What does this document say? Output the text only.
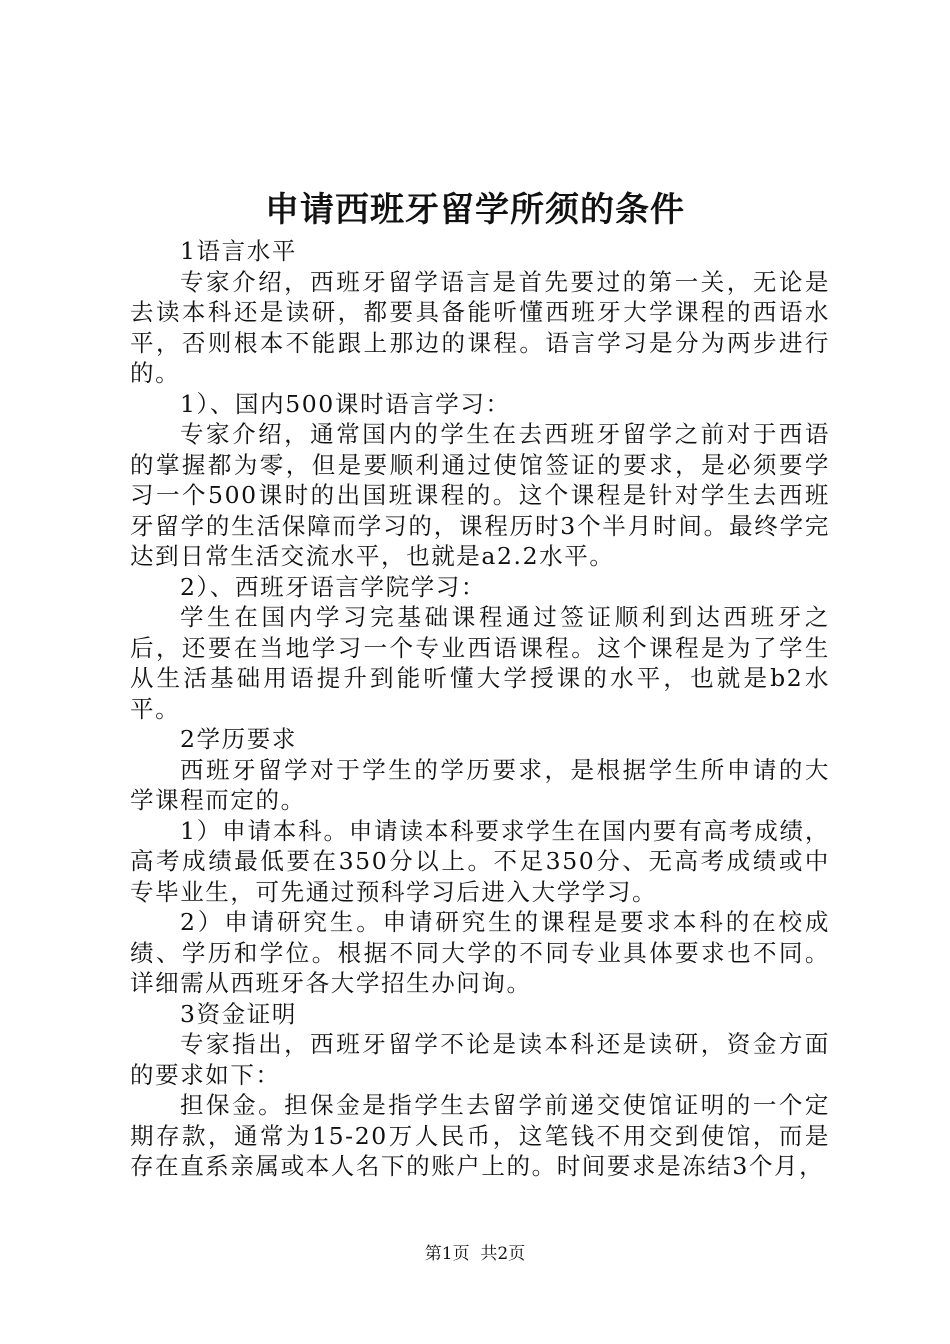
申请西班牙留学所须的条件

1语言水平

专家介绍，西班牙留学语言是首先要过的第一关，无论是去读本科还是读研，都要具备能听懂西班牙大学课程的西语水平，否则根本不能跟上那边的课程。语言学习是分为两步进行的。

1）、国内500课时语言学习：

专家介绍，通常国内的学生在去西班牙留学之前对于西语的掌握都为零，但是要顺利通过使馆签证的要求，是必须要学习一个500课时的出国班课程的。这个课程是针对学生去西班牙留学的生活保障而学习的，课程历时3个半月时间。最终学完达到日常生活交流水平，也就是a2.2水平。

2）、西班牙语言学院学习：

学生在国内学习完基础课程通过签证顺利到达西班牙之后，还要在当地学习一个专业西语课程。这个课程是为了学生从生活基础用语提升到能听懂大学授课的水平，也就是b2水平。

2学历要求

西班牙留学对于学生的学历要求，是根据学生所申请的大学课程而定的。

1）申请本科。申请读本科要求学生在国内要有高考成绩，高考成绩最低要在350分以上。不足350分、无高考成绩或中专毕业生，可先通过预科学习后进入大学学习。

2）申请研究生。申请研究生的课程是要求本科的在校成绩、学历和学位。根据不同大学的不同专业具体要求也不同。详细需从西班牙各大学招生办问询。

3资金证明

专家指出，西班牙留学不论是读本科还是读研，资金方面的要求如下：

担保金。担保金是指学生去留学前递交使馆证明的一个定期存款，通常为15-20万人民币，这笔钱不用交到使馆，而是存在直系亲属或本人名下的账户上的。时间要求是冻结3个月，

第1页  共2页
